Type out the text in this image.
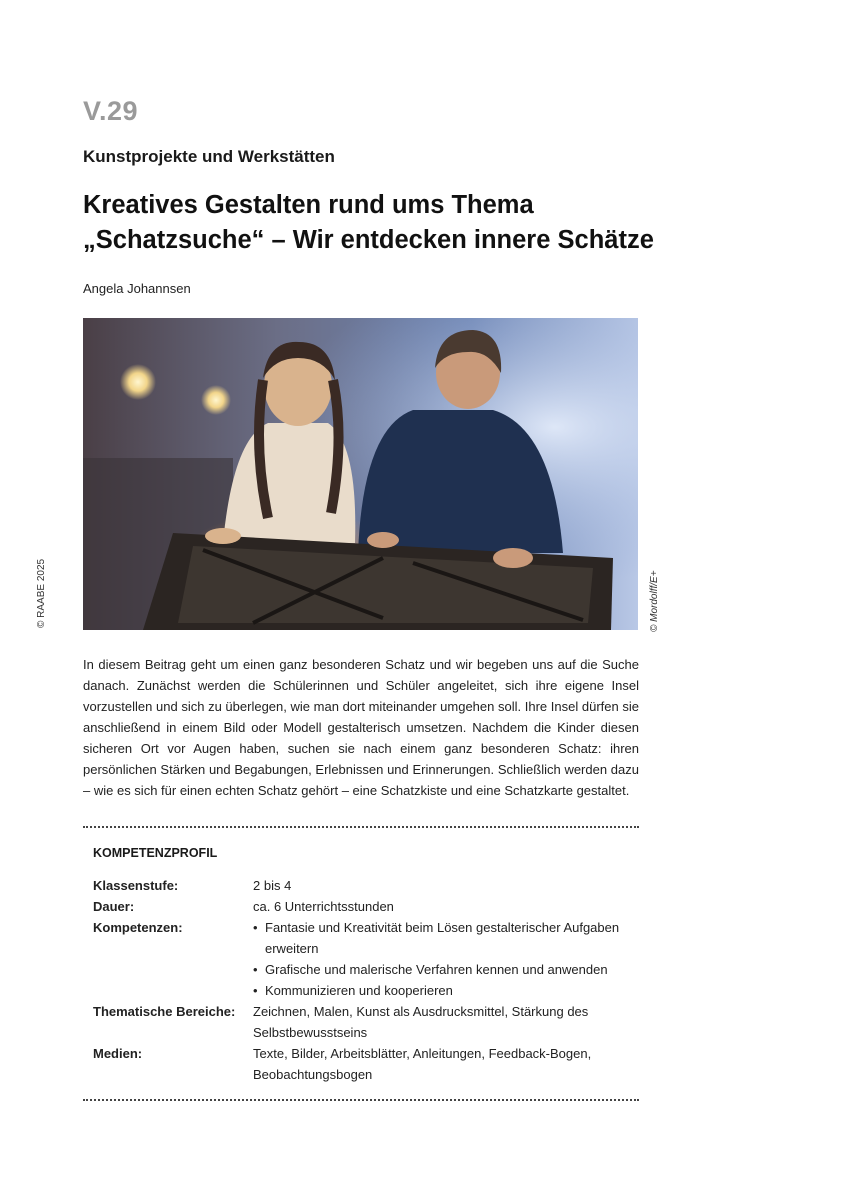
V.29
Kunstprojekte und Werkstätten
Kreatives Gestalten rund ums Thema
„Schatzsuche“ – Wir entdecken innere Schätze
Angela Johannsen
© RAABE 2025	© Mordolff/E+
In diesem Beitrag geht um einen ganz besonderen Schatz und wir begeben uns auf die Suche danach. Zunächst werden die Schülerinnen und Schüler angeleitet, sich ihre eigene Insel vorzustellen und sich zu überlegen, wie man dort miteinander umgehen soll. Ihre Insel dürfen sie anschließend in einem Bild oder Modell gestalterisch umsetzen. Nachdem die Kinder diesen sicheren Ort vor Augen haben, suchen sie nach einem ganz besonderen Schatz: ihren persönlichen Stärken und Begabungen, Erlebnissen und Erinnerungen. Schließlich werden dazu – wie es sich für einen echten Schatz gehört – eine Schatzkiste und eine Schatzkarte gestaltet.
KOMPETENZPROFIL
Klassenstufe:	2 bis 4
Dauer:	ca. 6 Unterrichtsstunden
Kompetenzen:
•	Fantasie und Kreativität beim Lösen gestalterischer Aufgaben erweitern
• Grafische und malerische Verfahren kennen und anwenden
• Kommunizieren und kooperieren
Thematische Bereiche:	Zeichnen, Malen, Kunst als Ausdrucksmittel, Stärkung des Selbstbewusstseins
Medien:	Texte, Bilder, Arbeitsblätter, Anleitungen, Feedback-Bogen, Beobachtungsbogen
